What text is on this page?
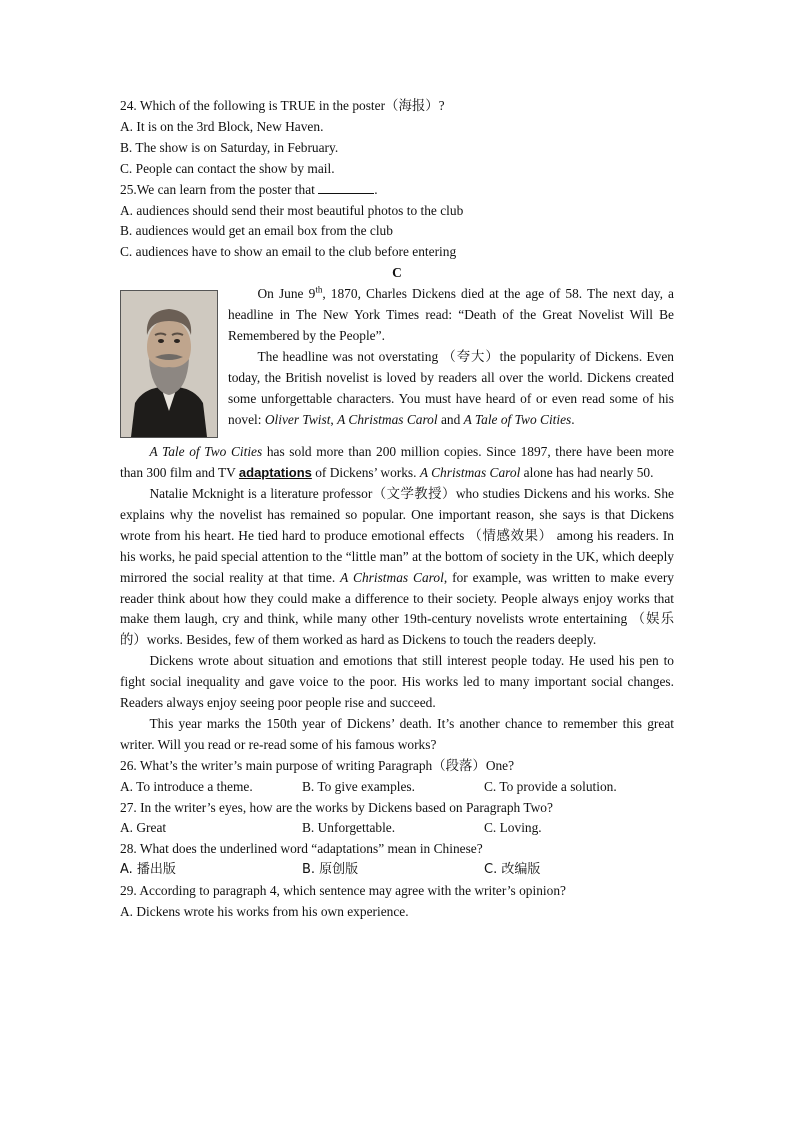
24. Which of the following is TRUE in the poster（海报）?
A. It is on the 3rd Block, New Haven.
B. The show is on Saturday, in February.
C. People can contact the show by mail.
25.We can learn from the poster that	.
A. audiences should send their most beautiful photos to the club
B. audiences would get an email box from the club
C. audiences have to show an email to the club before entering
C
On June 9th, 1870, Charles Dickens died at the age of 58. The next day, a headline in The New York Times read: “Death of the Great Novelist Will Be Remembered by the People”.
The headline was not overstating （夸大）the popularity of Dickens. Even today, the British novelist is loved by readers all over the world. Dickens created some unforgettable characters. You must have heard of or even read some of his novel: Oliver Twist, A Christmas Carol and A Tale of Two Cities.
A Tale of Two Cities has sold more than 200 million copies. Since 1897, there have been more than 300 film and TV adaptations of Dickens’ works. A Christmas Carol alone has had nearly 50.
Natalie Mcknight is a literature professor（文学教授）who studies Dickens and his works. She explains why the novelist has remained so popular. One important reason, she says is that Dickens wrote from his heart. He tied hard to produce emotional effects （情感效果） among his readers. In his works, he paid special attention to the “little man” at the bottom of society in the UK, which deeply mirrored the social reality at that time. A Christmas Carol, for example, was written to make every reader think about how they could make a difference to their society. People always enjoy works that make them laugh, cry and think, while many other 19th-century novelists wrote entertaining （娱乐的）works. Besides, few of them worked as hard as Dickens to touch the readers deeply.
Dickens wrote about situation and emotions that still interest people today. He used his pen to fight social inequality and gave voice to the poor. His works led to many important social changes. Readers always enjoy seeing poor people rise and succeed.
This year marks the 150th year of Dickens’ death. It’s another chance to remember this great writer. Will you read or re-read some of his famous works?
26. What’s the writer’s main purpose of writing Paragraph（段落）One?
A. To introduce a theme.	B. To give examples.	C. To provide a solution.
27. In the writer’s eyes, how are the works by Dickens based on Paragraph Two?
A. Great	B. Unforgettable.	C. Loving.
28. What does the underlined word “adaptations” mean in Chinese?
A. 播出版	B. 原创版	C. 改编版
29. According to paragraph 4, which sentence may agree with the writer’s opinion?
A. Dickens wrote his works from his own experience.
